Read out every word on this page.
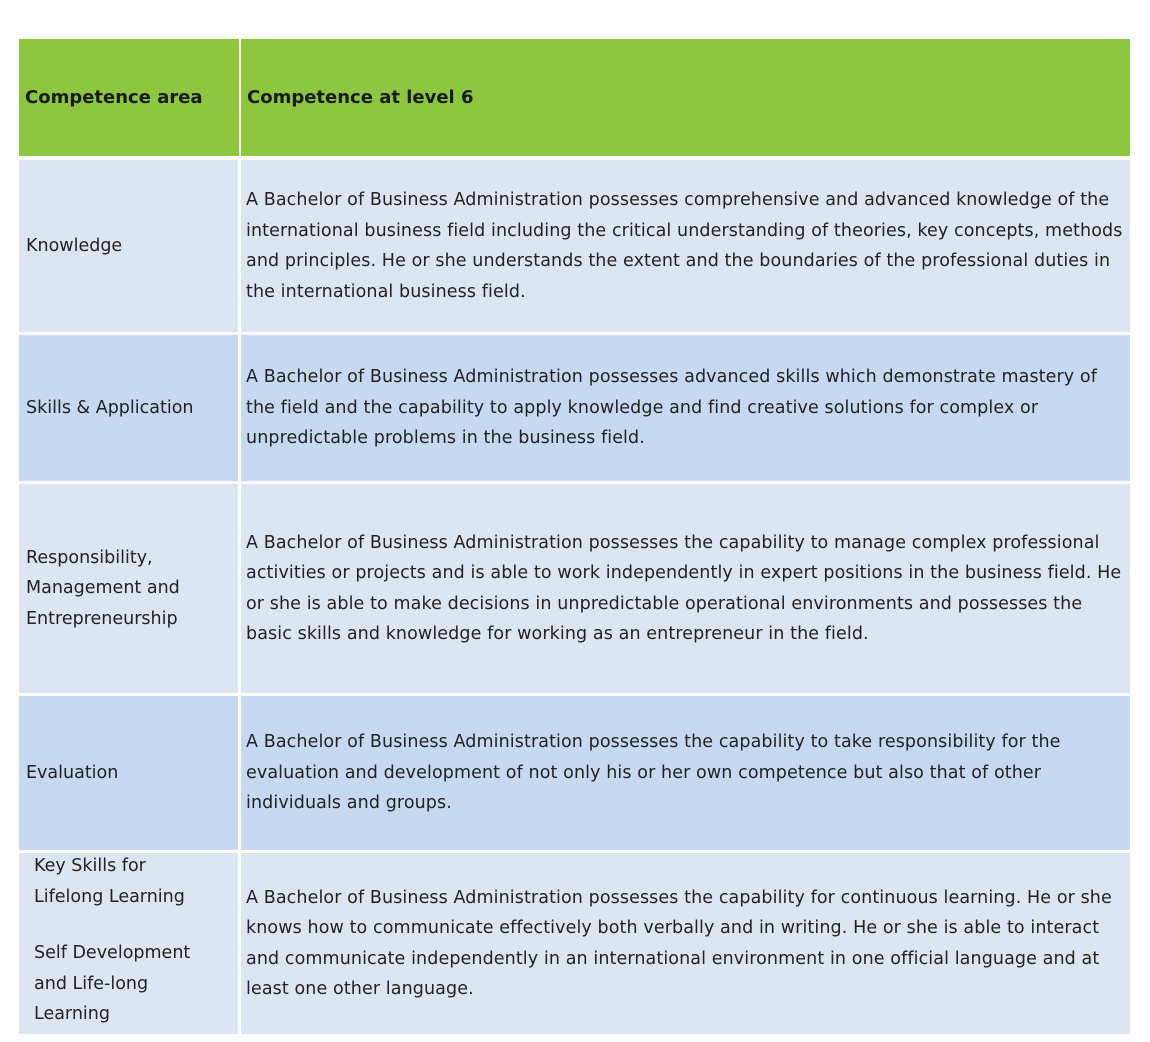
Competence area	Competence at level 6
Knowledge
A Bachelor of Business Administration possesses comprehensive and advanced knowledge of the international business field including the critical understanding of theories, key concepts, methods and principles. He or she understands the extent and the boundaries of the professional duties in the international business field.
Skills & Application
A Bachelor of Business Administration possesses advanced skills which demonstrate mastery of the field and the capability to apply knowledge and find creative solutions for complex or unpredictable problems in the business field.
Responsibility, Management and Entrepreneurship
A Bachelor of Business Administration possesses the capability to manage complex professional activities or projects and is able to work independently in expert positions in the business field. He or she is able to make decisions in unpredictable operational environments and possesses the basic skills and knowledge for working as an entrepreneur in the field.
Evaluation
A Bachelor of Business Administration possesses the capability to take responsibility for the evaluation and development of not only his or her own competence but also that of other individuals and groups.
Key Skills for
Lifelong Learning
Self Development
and Life-long
Learning
A Bachelor of Business Administration possesses the capability for continuous learning. He or she knows how to communicate effectively both verbally and in writing. He or she is able to interact and communicate independently in an international environment in one official language and at least one other language.
